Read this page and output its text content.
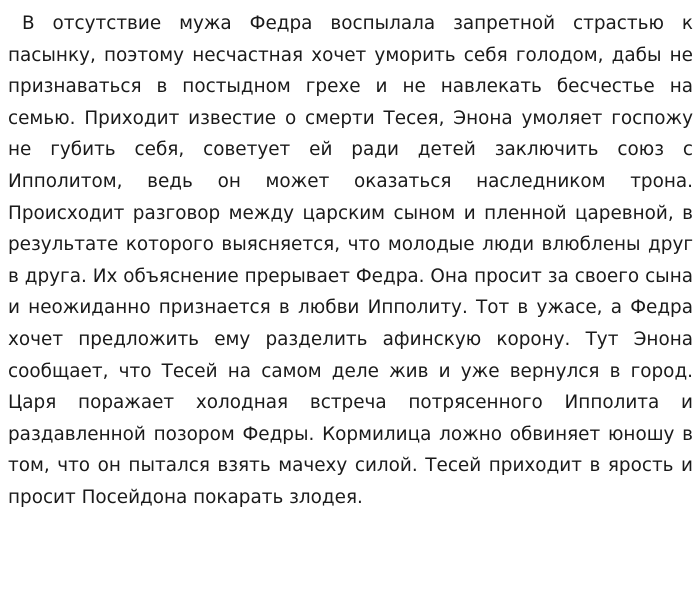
В отсутствие мужа Федра воспылала запретной страстью к пасынку, поэтому несчастная хочет уморить себя голодом, дабы не признаваться в постыдном грехе и не навлекать бесчестье на семью. Приходит известие о смерти Тесея, Энона умоляет госпожу не губить себя, советует ей ради детей заключить союз с Ипполитом, ведь он может оказаться наследником трона. Происходит разговор между царским сыном и пленной царевной, в результате которого выясняется, что молодые люди влюблены друг в друга. Их объяснение прерывает Федра. Она просит за своего сына и неожиданно признается в любви Ипполиту. Тот в ужасе, а Федра хочет предложить ему разделить афинскую корону. Тут Энона сообщает, что Тесей на самом деле жив и уже вернулся в город. Царя поражает холодная встреча потрясенного Ипполита и раздавленной позором Федры. Кормилица ложно обвиняет юношу в том, что он пытался взять мачеху силой. Тесей приходит в ярость и просит Посейдона покарать злодея.
